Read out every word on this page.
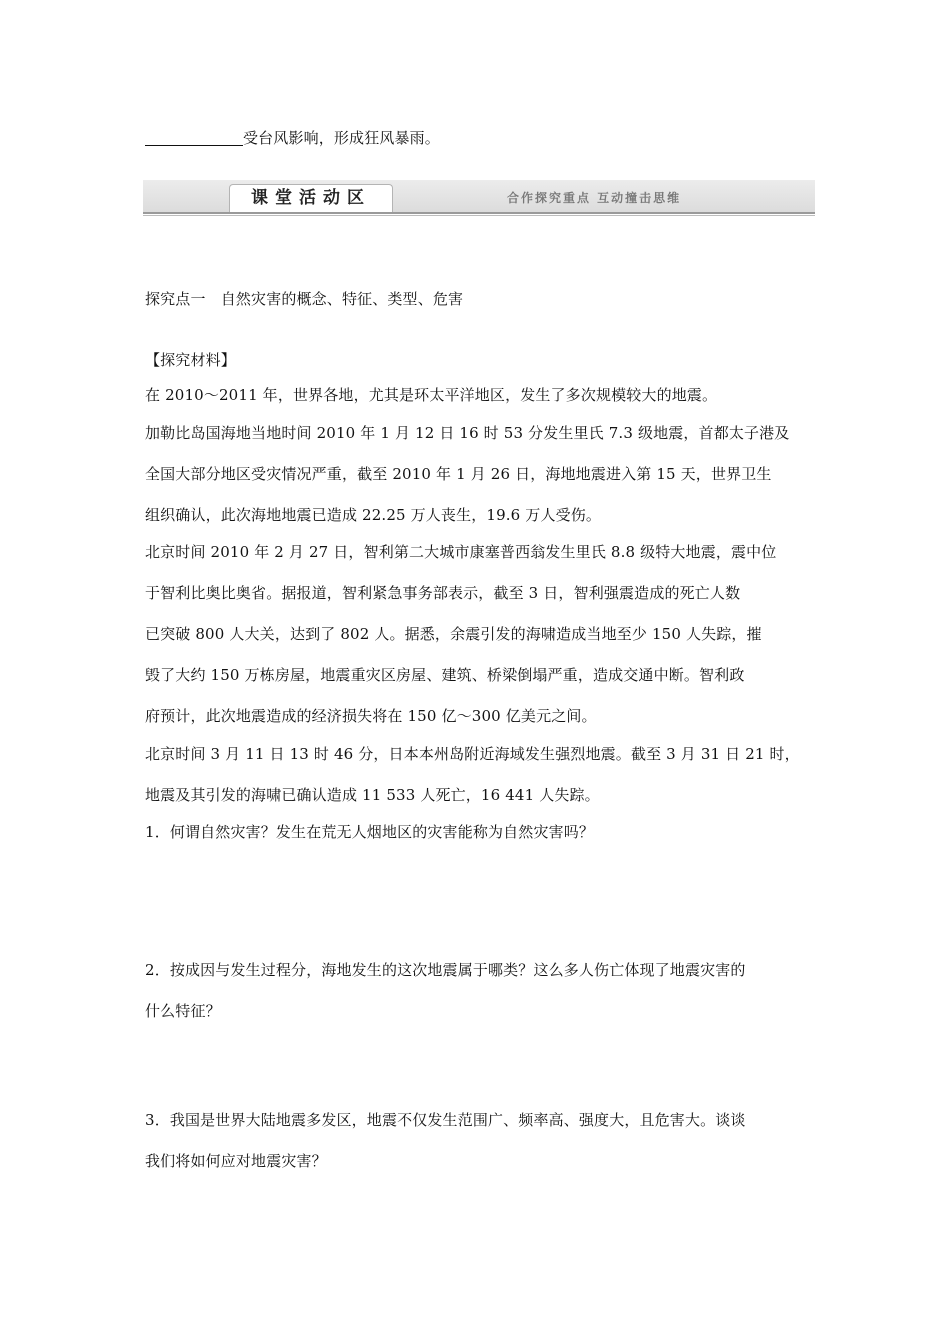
受台风影响，形成狂风暴雨。
课堂活动区	合作探究重点 互动撞击思维
探究点一　自然灾害的概念、特征、类型、危害
【探究材料】
在 2010～2011 年，世界各地，尤其是环太平洋地区，发生了多次规模较大的地震。
加勒比岛国海地当地时间 2010 年 1 月 12 日 16 时 53 分发生里氏 7.3 级地震，首都太子港及
全国大部分地区受灾情况严重，截至 2010 年 1 月 26 日，海地地震进入第 15 天，世界卫生
组织确认，此次海地地震已造成 22.25 万人丧生，19.6 万人受伤。
北京时间 2010 年 2 月 27 日，智利第二大城市康塞普西翁发生里氏 8.8 级特大地震，震中位
于智利比奥比奥省。据报道，智利紧急事务部表示，截至 3 日，智利强震造成的死亡人数
已突破 800 人大关，达到了 802 人。据悉，余震引发的海啸造成当地至少 150 人失踪，摧
毁了大约 150 万栋房屋，地震重灾区房屋、建筑、桥梁倒塌严重，造成交通中断。智利政
府预计，此次地震造成的经济损失将在 150 亿～300 亿美元之间。
北京时间 3 月 11 日 13 时 46 分，日本本州岛附近海域发生强烈地震。截至 3 月 31 日 21 时，
地震及其引发的海啸已确认造成 11 533 人死亡，16 441 人失踪。
1．何谓自然灾害？发生在荒无人烟地区的灾害能称为自然灾害吗？
2．按成因与发生过程分，海地发生的这次地震属于哪类？这么多人伤亡体现了地震灾害的
什么特征？
3．我国是世界大陆地震多发区，地震不仅发生范围广、频率高、强度大，且危害大。谈谈
我们将如何应对地震灾害？
